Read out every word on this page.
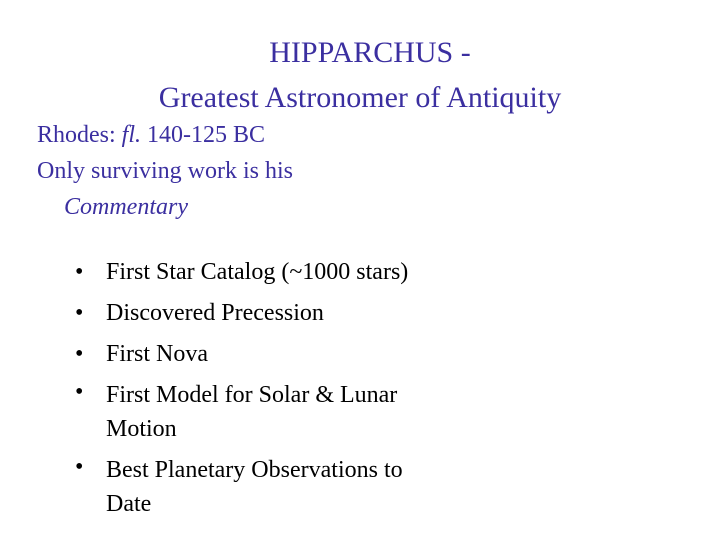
HIPPARCHUS -
Greatest Astronomer of Antiquity
Rhodes: fl. 140-125 BC
Only surviving work is his
Commentary
• First Star Catalog (~1000 stars)
• Discovered Precession
• First Nova
• First Model for Solar & Lunar
Motion
• Best Planetary Observations to
Date
